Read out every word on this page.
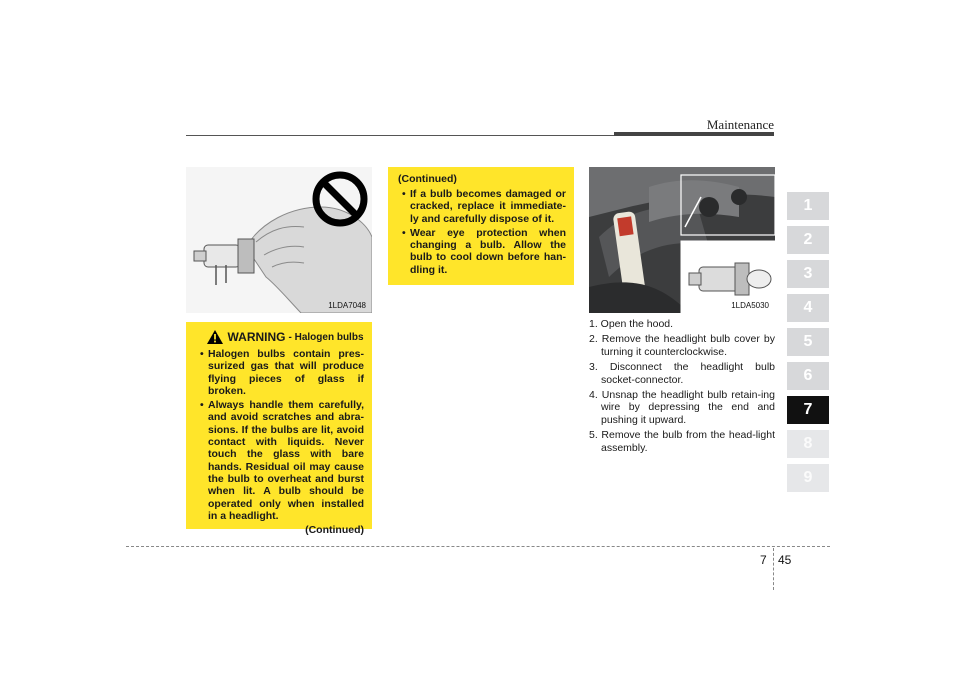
Maintenance
1
2
3
4
5
6
7
8
9
1LDA7048
WARNING - Halogen bulbs
• Halogen bulbs contain pres-surized gas that will produce flying pieces of glass if broken.
• Always handle them carefully, and avoid scratches and abra-sions. If the bulbs are lit, avoid contact with liquids. Never touch the glass with bare hands. Residual oil may cause the bulb to overheat and burst when lit. A bulb should be operated only when installed in a headlight.
(Continued)
(Continued)
• If a bulb becomes damaged or cracked, replace it immediate-ly and carefully dispose of it.
• Wear eye protection when changing a bulb. Allow the bulb to cool down before han-dling it.
1LDA5030
1. Open the hood.
2. Remove the headlight bulb cover by turning it counterclockwise.
3. Disconnect the headlight bulb socket-connector.
4. Unsnap the headlight bulb retain-ing wire by depressing the end and pushing it upward.
5. Remove the bulb from the head-light assembly.
7 45
